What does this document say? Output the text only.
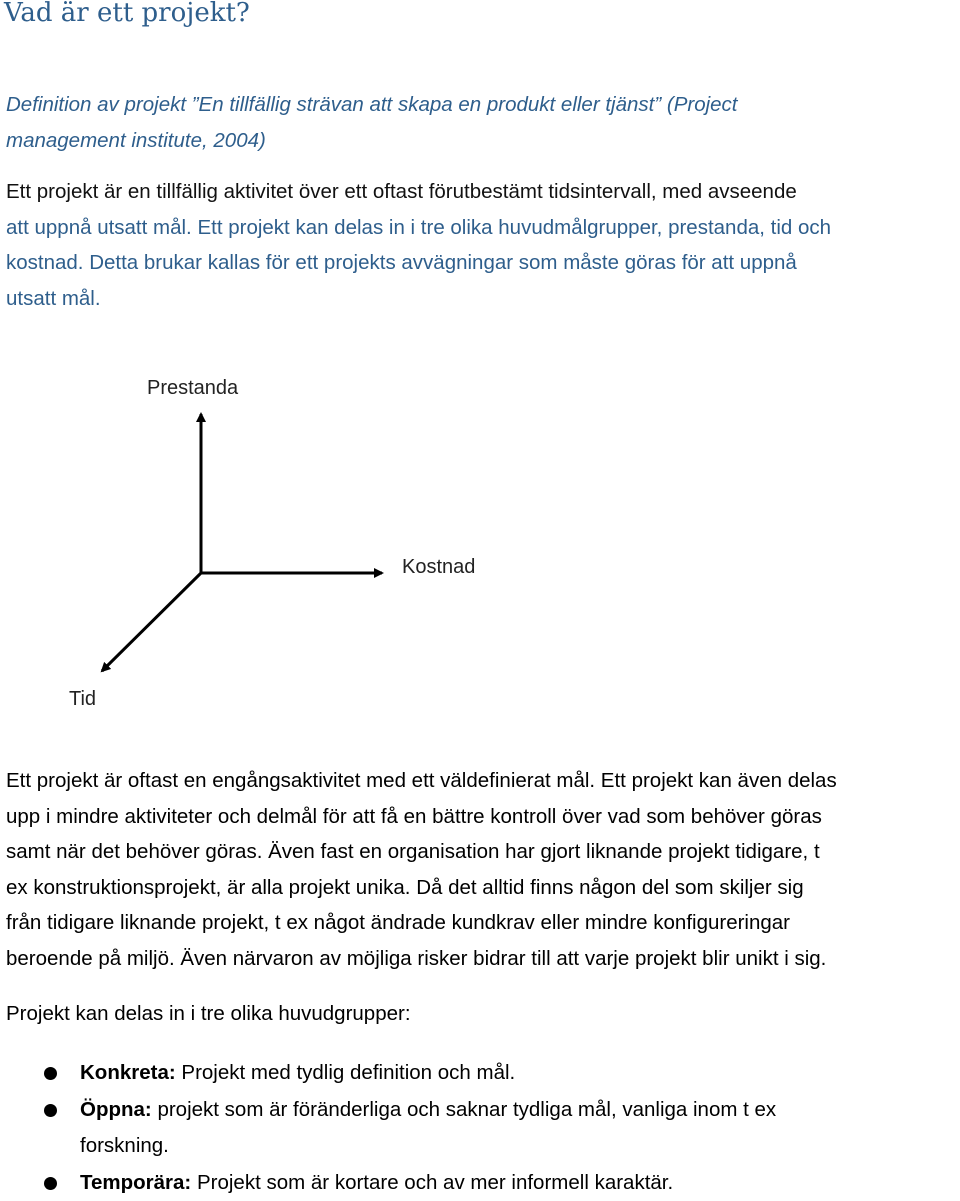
Vad är ett projekt?

Definition av projekt ”En tillfällig strävan att skapa en produkt eller tjänst” (Project
management institute, 2004)

Ett projekt är en tillfällig aktivitet över ett oftast förutbestämt tidsintervall, med avseende
att uppnå utsatt mål. Ett projekt kan delas in i tre olika huvudmålgrupper, prestanda, tid och
kostnad. Detta brukar kallas för ett projekts avvägningar som måste göras för att uppnå
utsatt mål.

Prestanda
Kostnad
Tid

Ett projekt är oftast en engångsaktivitet med ett väldefinierat mål. Ett projekt kan även delas
upp i mindre aktiviteter och delmål för att få en bättre kontroll över vad som behöver göras
samt när det behöver göras. Även fast en organisation har gjort liknande projekt tidigare, t
ex konstruktionsprojekt, är alla projekt unika. Då det alltid finns någon del som skiljer sig
från tidigare liknande projekt, t ex något ändrade kundkrav eller mindre konfigureringar
beroende på miljö. Även närvaron av möjliga risker bidrar till att varje projekt blir unikt i sig.

Projekt kan delas in i tre olika huvudgrupper:

Konkreta: Projekt med tydlig definition och mål.
Öppna: projekt som är föränderliga och saknar tydliga mål, vanliga inom t ex
forskning.
Temporära: Projekt som är kortare och av mer informell karaktär.
